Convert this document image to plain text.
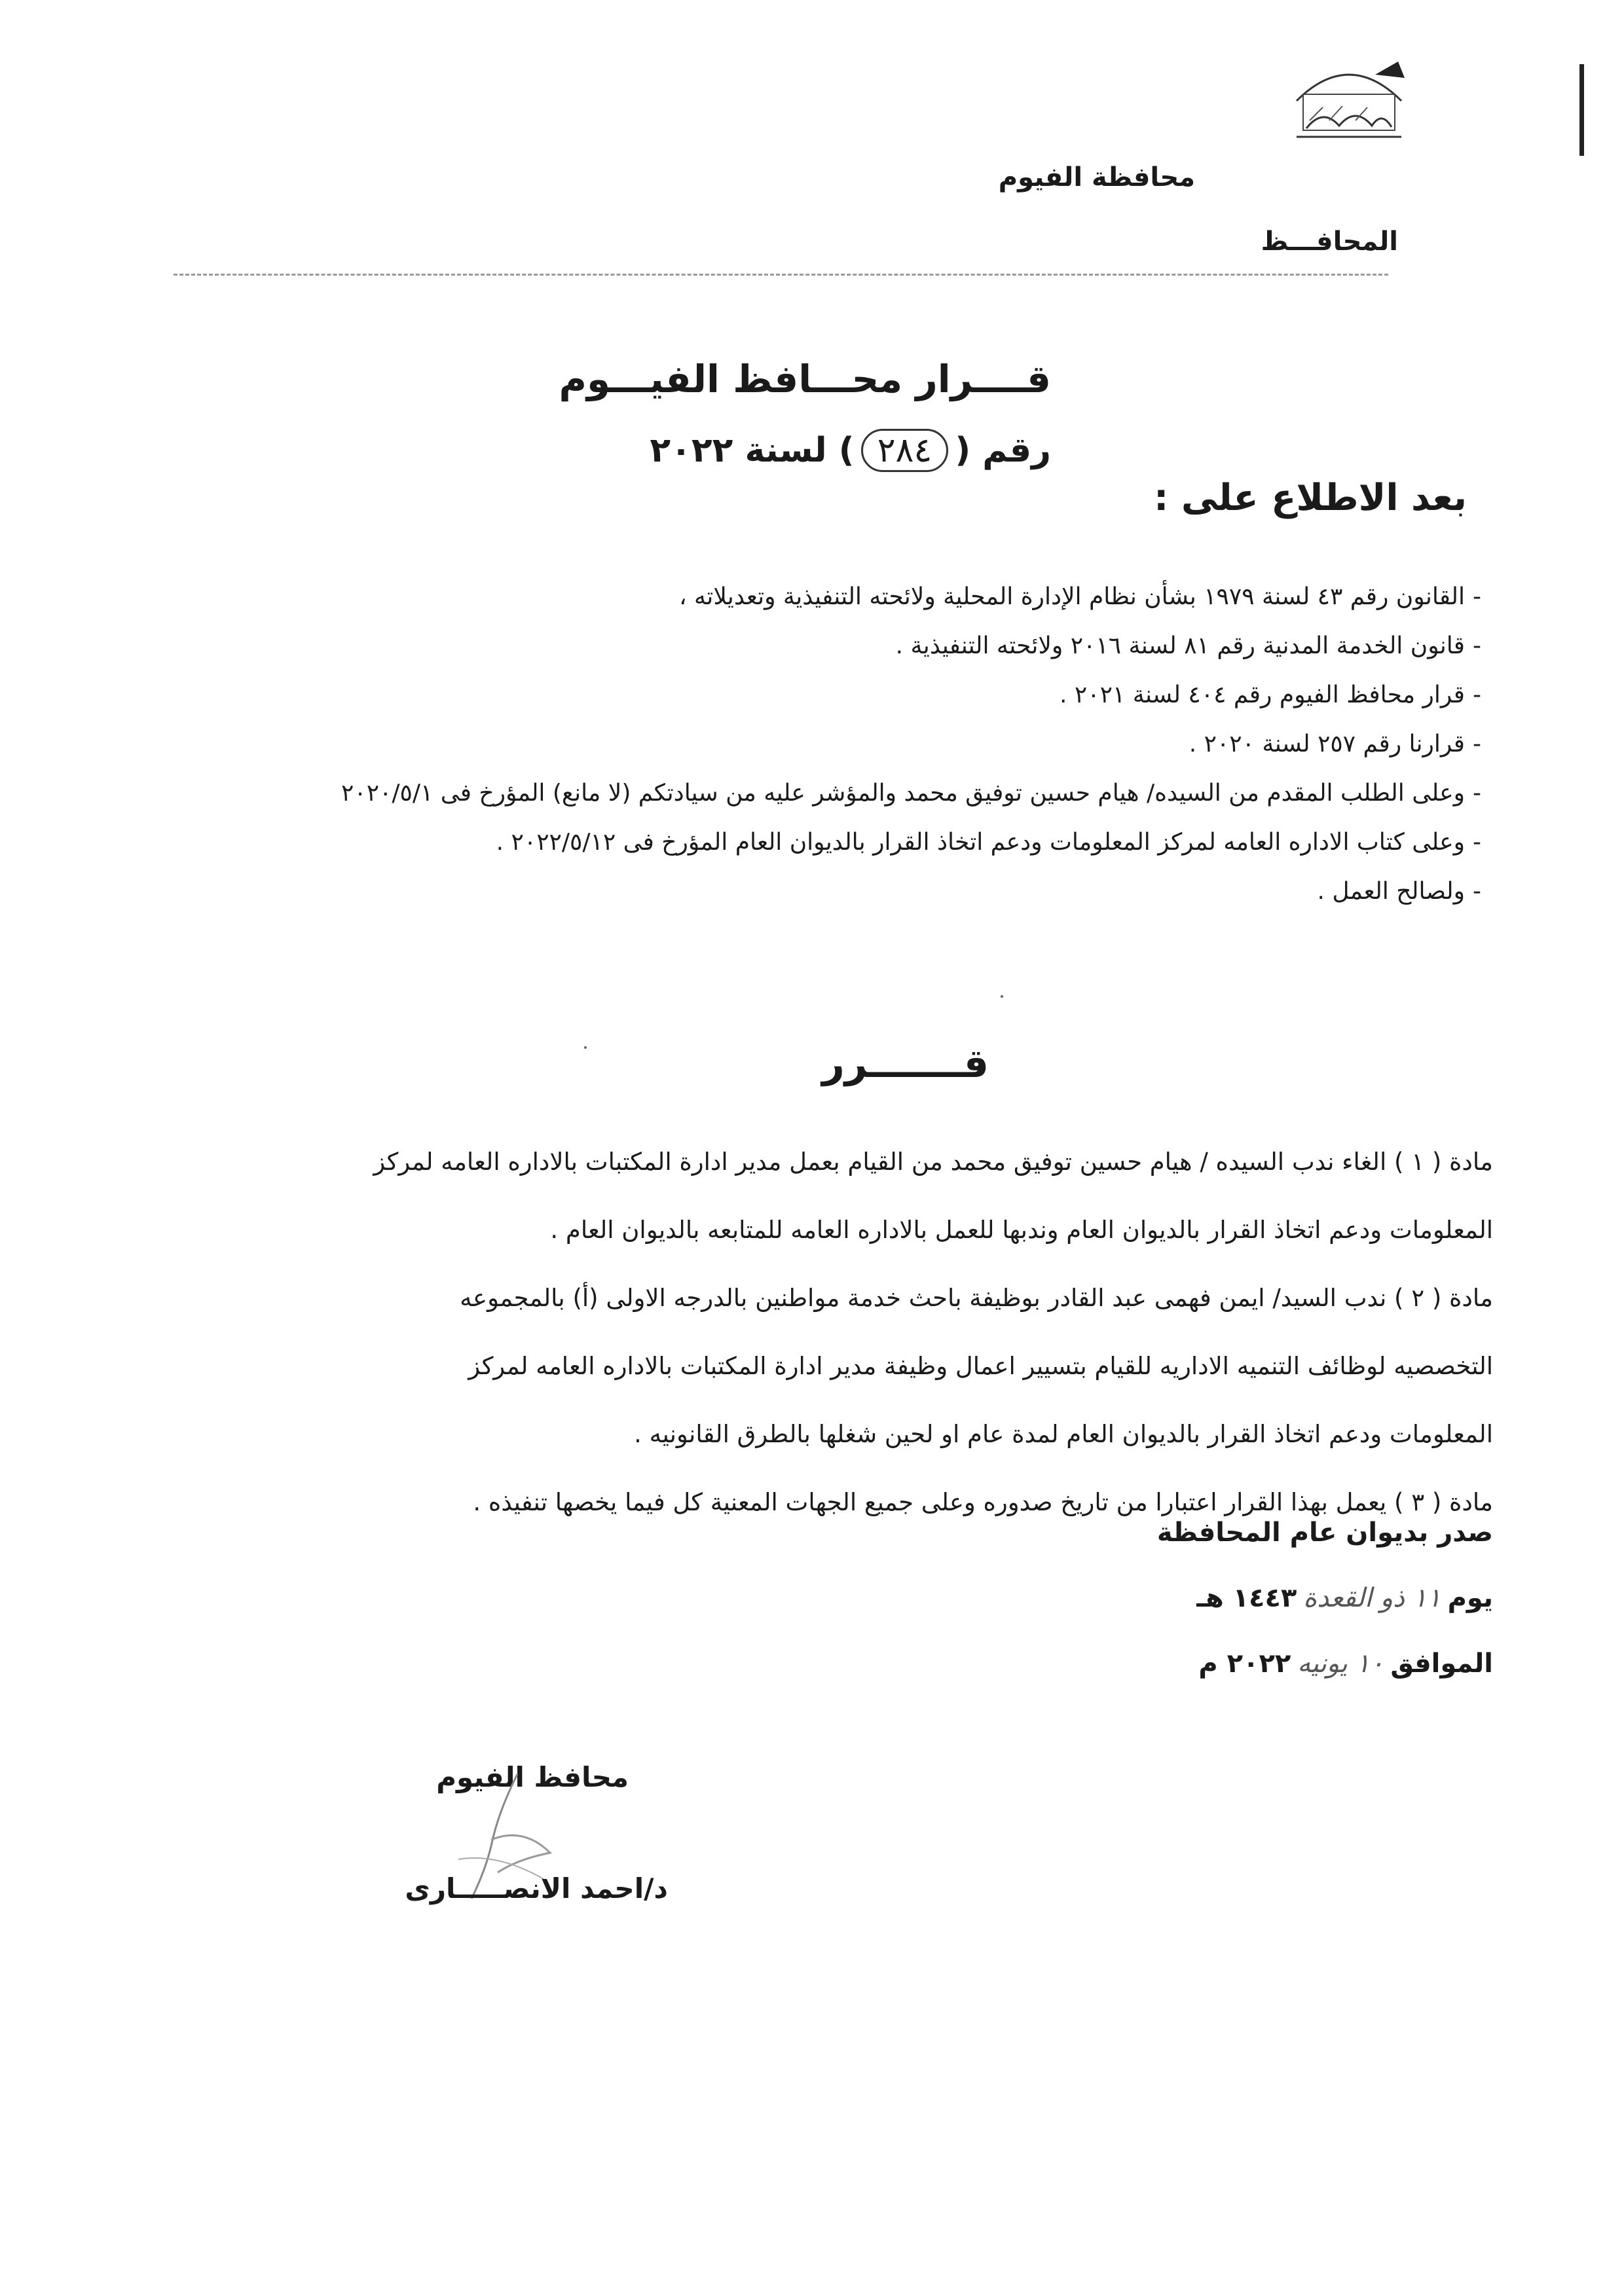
محافظة الفيوم
المحافـــظ
قــــرار محـــافظ الفيـــوم
رقم (٢٨٤) لسنة ٢٠٢٢
بعد الاطلاع على :
-القانون رقم ٤٣ لسنة ١٩٧٩ بشأن نظام الإدارة المحلية ولائحته التنفيذية وتعديلاته ،
-قانون الخدمة المدنية رقم ٨١ لسنة ٢٠١٦ ولائحته التنفيذية .
-قرار محافظ الفيوم رقم ٤٠٤ لسنة ٢٠٢١ .
-قرارنا رقم ٢٥٧ لسنة ٢٠٢٠ .
-وعلى الطلب المقدم من السيده/ هيام حسين توفيق محمد والمؤشر عليه من سيادتكم (لا مانع) المؤرخ فى ٢٠٢٠/٥/١
-وعلى كتاب الاداره العامه لمركز المعلومات ودعم اتخاذ القرار بالديوان العام المؤرخ فى ٢٠٢٢/٥/١٢ .
-ولصالح العمل .
قـــــــرر
مادة ( ١ ) الغاء ندب السيده / هيام حسين توفيق محمد من القيام بعمل مدير ادارة المكتبات بالاداره العامه لمركز
المعلومات ودعم اتخاذ القرار بالديوان العام وندبها للعمل بالاداره العامه للمتابعه بالديوان العام .
مادة ( ٢ ) ندب السيد/ ايمن فهمى عبد القادر بوظيفة باحث خدمة مواطنين بالدرجه الاولى (أ) بالمجموعه
التخصصيه لوظائف التنميه الاداريه للقيام بتسيير اعمال وظيفة مدير ادارة المكتبات بالاداره العامه لمركز
المعلومات ودعم اتخاذ القرار بالديوان العام لمدة عام او لحين شغلها بالطرق القانونيه .
مادة ( ٣ ) يعمل بهذا القرار اعتبارا من تاريخ صدوره وعلى جميع الجهات المعنية كل فيما يخصها تنفيذه .
صدر بديوان عام المحافظة
يوم١١ ذو القعدة١٤٤٣ هـ
الموافق١٠ يونيه٢٠٢٢ م
محافظ الفيوم
د/احمد الانصـــــارى
